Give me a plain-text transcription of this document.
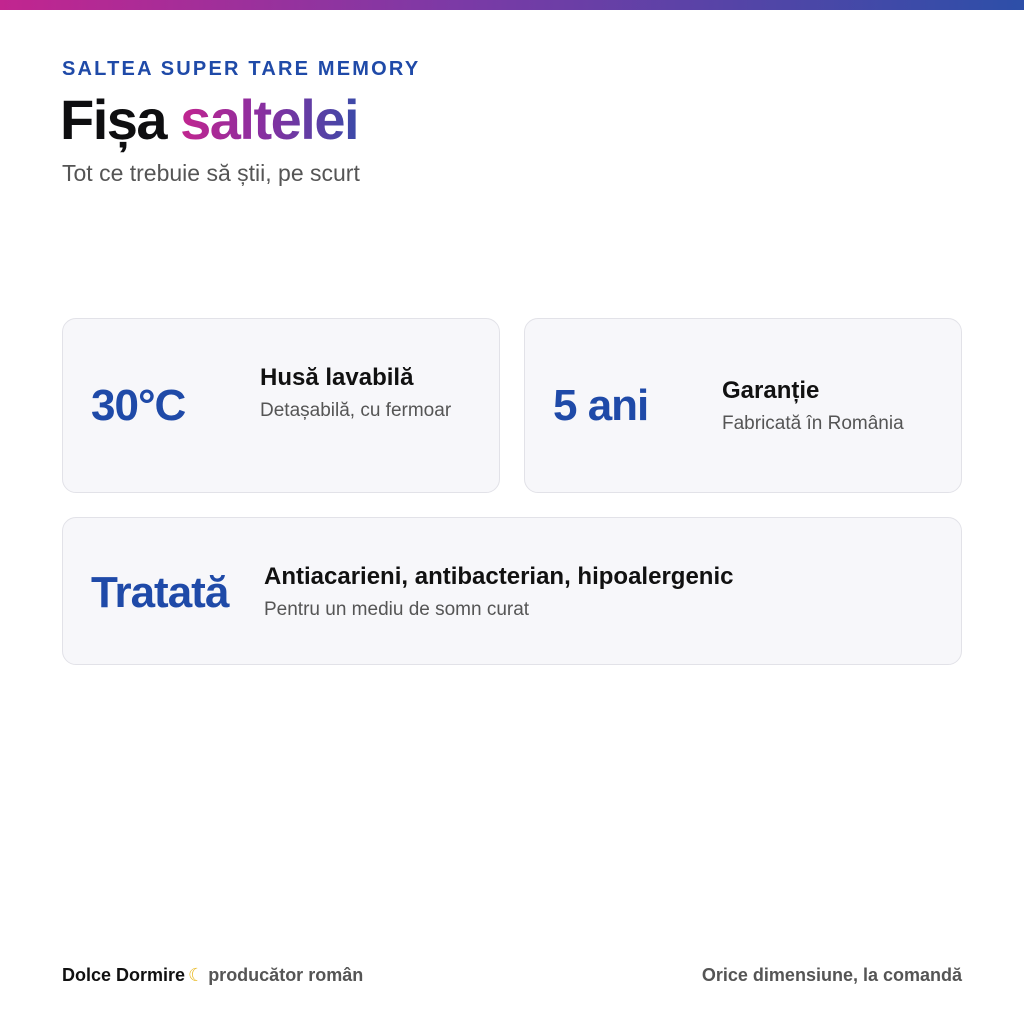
SALTEA SUPER TARE MEMORY
Fișa saltelei
Tot ce trebuie să știi, pe scurt
30°C
Husă lavabilă
Detașabilă, cu fermoar 5 ani	Garanție
Fabricată în România
Tratată Antiacarieni, antibacterian, hipoalergenic
Pentru un mediu de somn curat
Dolce Dormire ☾ producător român	Orice dimensiune, la comandă
